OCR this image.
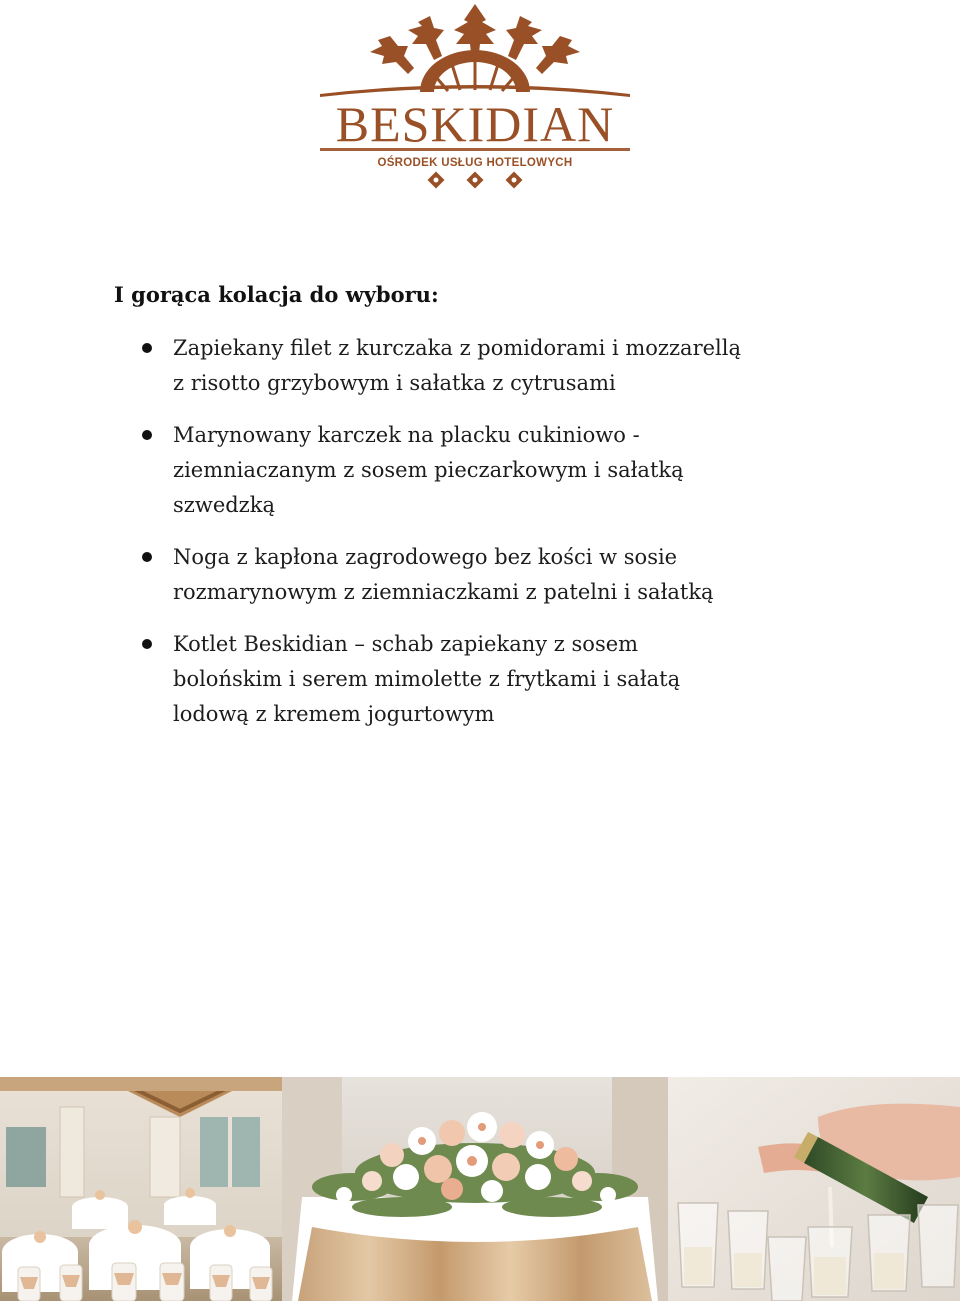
BESKIDIAN
OŚRODEK USŁUG HOTELOWYCH
I gorąca kolacja do wyboru:
Zapiekany filet z kurczaka z pomidorami i mozzarellą z risotto grzybowym i sałatka z cytrusami
Marynowany karczek na placku cukiniowo - ziemniaczanym z sosem pieczarkowym i sałatką szwedzką
Noga z kapłona zagrodowego bez kości w sosie rozmarynowym z ziemniaczkami z patelni i sałatką
Kotlet Beskidian – schab zapiekany z sosem bolońskim i serem mimolette z frytkami i sałatą lodową z kremem jogurtowym
